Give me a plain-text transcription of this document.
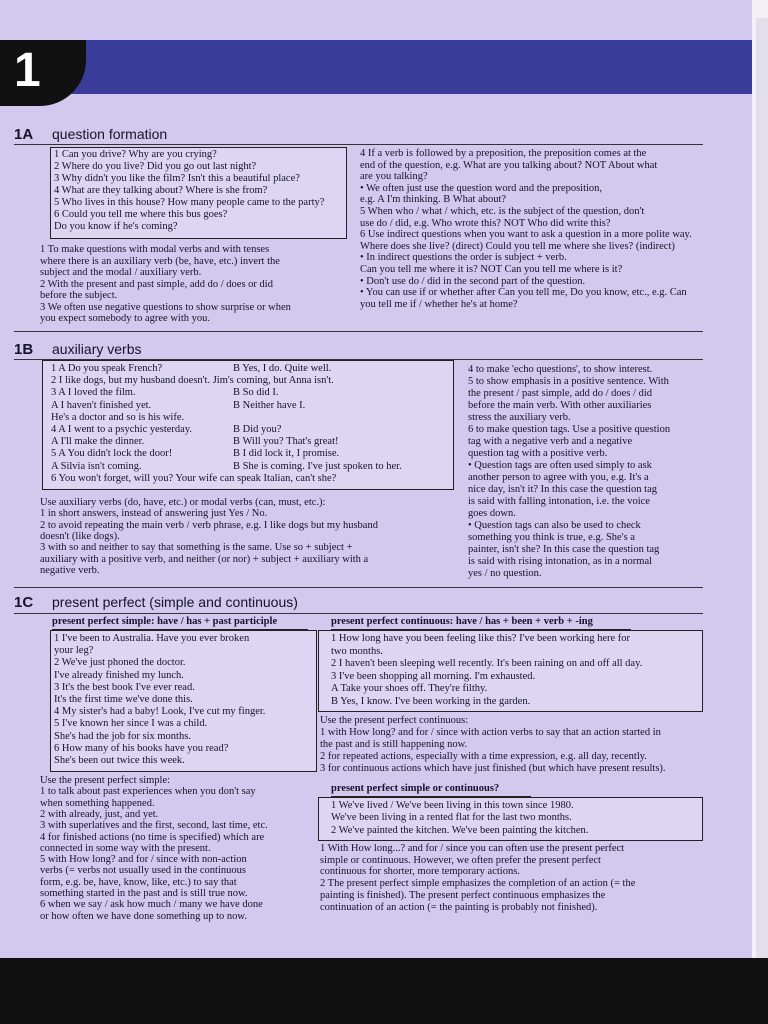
1
1A question formation
1 Can you drive? Why are you crying?
2 Where do you live? Did you go out last night?
3 Why didn't you like the film? Isn't this a beautiful place?
4 What are they talking about? Where is she from?
5 Who lives in this house? How many people came to the party?
6 Could you tell me where this bus goes?
Do you know if he's coming?
1 To make questions with modal verbs and with tenses
where there is an auxiliary verb (be, have, etc.) invert the
subject and the modal / auxiliary verb.
2 With the present and past simple, add do / does or did
before the subject.
3 We often use negative questions to show surprise or when
you expect somebody to agree with you.
4 If a verb is followed by a preposition, the preposition comes at the
end of the question, e.g. What are you talking about? NOT About what
are you talking?
• We often just use the question word and the preposition,
e.g. A I'm thinking. B What about?
5 When who / what / which, etc. is the subject of the question, don't
use do / did, e.g. Who wrote this? NOT Who did write this?
6 Use indirect questions when you want to ask a question in a more polite way.
Where does she live? (direct) Could you tell me where she lives? (indirect)
• In indirect questions the order is subject + verb.
Can you tell me where it is? NOT Can you tell me where is it?
• Don't use do / did in the second part of the question.
• You can use if or whether after Can you tell me, Do you know, etc., e.g. Can
you tell me if / whether he's at home?
1B auxiliary verbs
1 A Do you speak French?
2 I like dogs, but my husband doesn't. Jim's coming, but Anna isn't.
3 A I loved the film.
A I haven't finished yet.
He's a doctor and so is his wife.
4 A I went to a psychic yesterday.
A I'll make the dinner.
5 A You didn't lock the door!
A Silvia isn't coming.
6 You won't forget, will you? Your wife can speak Italian, can't she?
B Yes, I do. Quite well.
B So did I.
B Neither have I.
B Did you?
B Will you? That's great!
B I did lock it, I promise.
B She is coming. I've just spoken to her.
Use auxiliary verbs (do, have, etc.) or modal verbs (can, must, etc.):
1 in short answers, instead of answering just Yes / No.
2 to avoid repeating the main verb / verb phrase, e.g. I like dogs but my husband
doesn't (like dogs).
3 with so and neither to say that something is the same. Use so + subject +
auxiliary with a positive verb, and neither (or nor) + subject + auxiliary with a
negative verb.
4 to make 'echo questions', to show interest.
5 to show emphasis in a positive sentence. With
the present / past simple, add do / does / did
before the main verb. With other auxiliaries
stress the auxiliary verb.
6 to make question tags. Use a positive question
tag with a negative verb and a negative
question tag with a positive verb.
• Question tags are often used simply to ask
another person to agree with you, e.g. It's a
nice day, isn't it? In this case the question tag
is said with falling intonation, i.e. the voice
goes down.
• Question tags can also be used to check
something you think is true, e.g. She's a
painter, isn't she? In this case the question tag
is said with rising intonation, as in a normal
yes / no question.
1C present perfect (simple and continuous)
present perfect simple: have / has + past participle
1 I've been to Australia. Have you ever broken
your leg?
2 We've just phoned the doctor.
I've already finished my lunch.
3 It's the best book I've ever read.
It's the first time we've done this.
4 My sister's had a baby! Look, I've cut my finger.
5 I've known her since I was a child.
She's had the job for six months.
6 How many of his books have you read?
She's been out twice this week.
Use the present perfect simple:
1 to talk about past experiences when you don't say
when something happened.
2 with already, just, and yet.
3 with superlatives and the first, second, last time, etc.
4 for finished actions (no time is specified) which are
connected in some way with the present.
5 with How long? and for / since with non-action
verbs (= verbs not usually used in the continuous
form, e.g. be, have, know, like, etc.) to say that
something started in the past and is still true now.
6 when we say / ask how much / many we have done
or how often we have done something up to now.
present perfect continuous: have / has + been + verb + -ing
1 How long have you been feeling like this? I've been working here for
two months.
2 I haven't been sleeping well recently. It's been raining on and off all day.
3 I've been shopping all morning. I'm exhausted.
A Take your shoes off. They're filthy.
B Yes, I know. I've been working in the garden.
Use the present perfect continuous:
1 with How long? and for / since with action verbs to say that an action started in
the past and is still happening now.
2 for repeated actions, especially with a time expression, e.g. all day, recently.
3 for continuous actions which have just finished (but which have present results).
present perfect simple or continuous?
1 We've lived / We've been living in this town since 1980.
We've been living in a rented flat for the last two months.
2 We've painted the kitchen. We've been painting the kitchen.
1 With How long...? and for / since you can often use the present perfect
simple or continuous. However, we often prefer the present perfect
continuous for shorter, more temporary actions.
2 The present perfect simple emphasizes the completion of an action (= the
painting is finished). The present perfect continuous emphasizes the
continuation of an action (= the painting is probably not finished).
